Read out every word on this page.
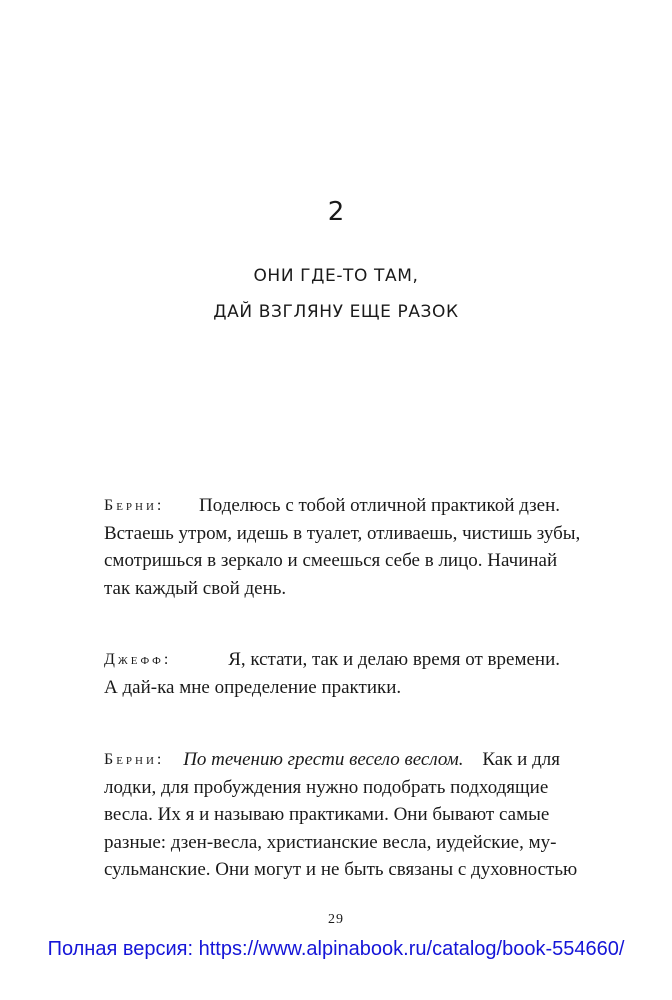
2
ОНИ ГДЕ-ТО ТАМ,
ДАЙ ВЗГЛЯНУ ЕЩЕ РАЗОК
Берни: Поделюсь с тобой отличной практикой дзен.
Встаешь утром, идешь в туалет, отливаешь, чистишь зубы,
смотришься в зеркало и смеешься себе в лицо. Начинай
так каждый свой день.
Джефф:	Я, кстати, так и делаю время от времени.
А дай-ка мне определение практики.
Берни: По течению грести весело веслом. Как и для
лодки, для пробуждения нужно подобрать подходящие
весла. Их я и называю практиками. Они бывают самые
разные: дзен-весла, христианские весла, иудейские, му-
сульманские. Они могут и не быть связаны с духовностью
29
Полная версия: https://www.alpinabook.ru/catalog/book-554660/
